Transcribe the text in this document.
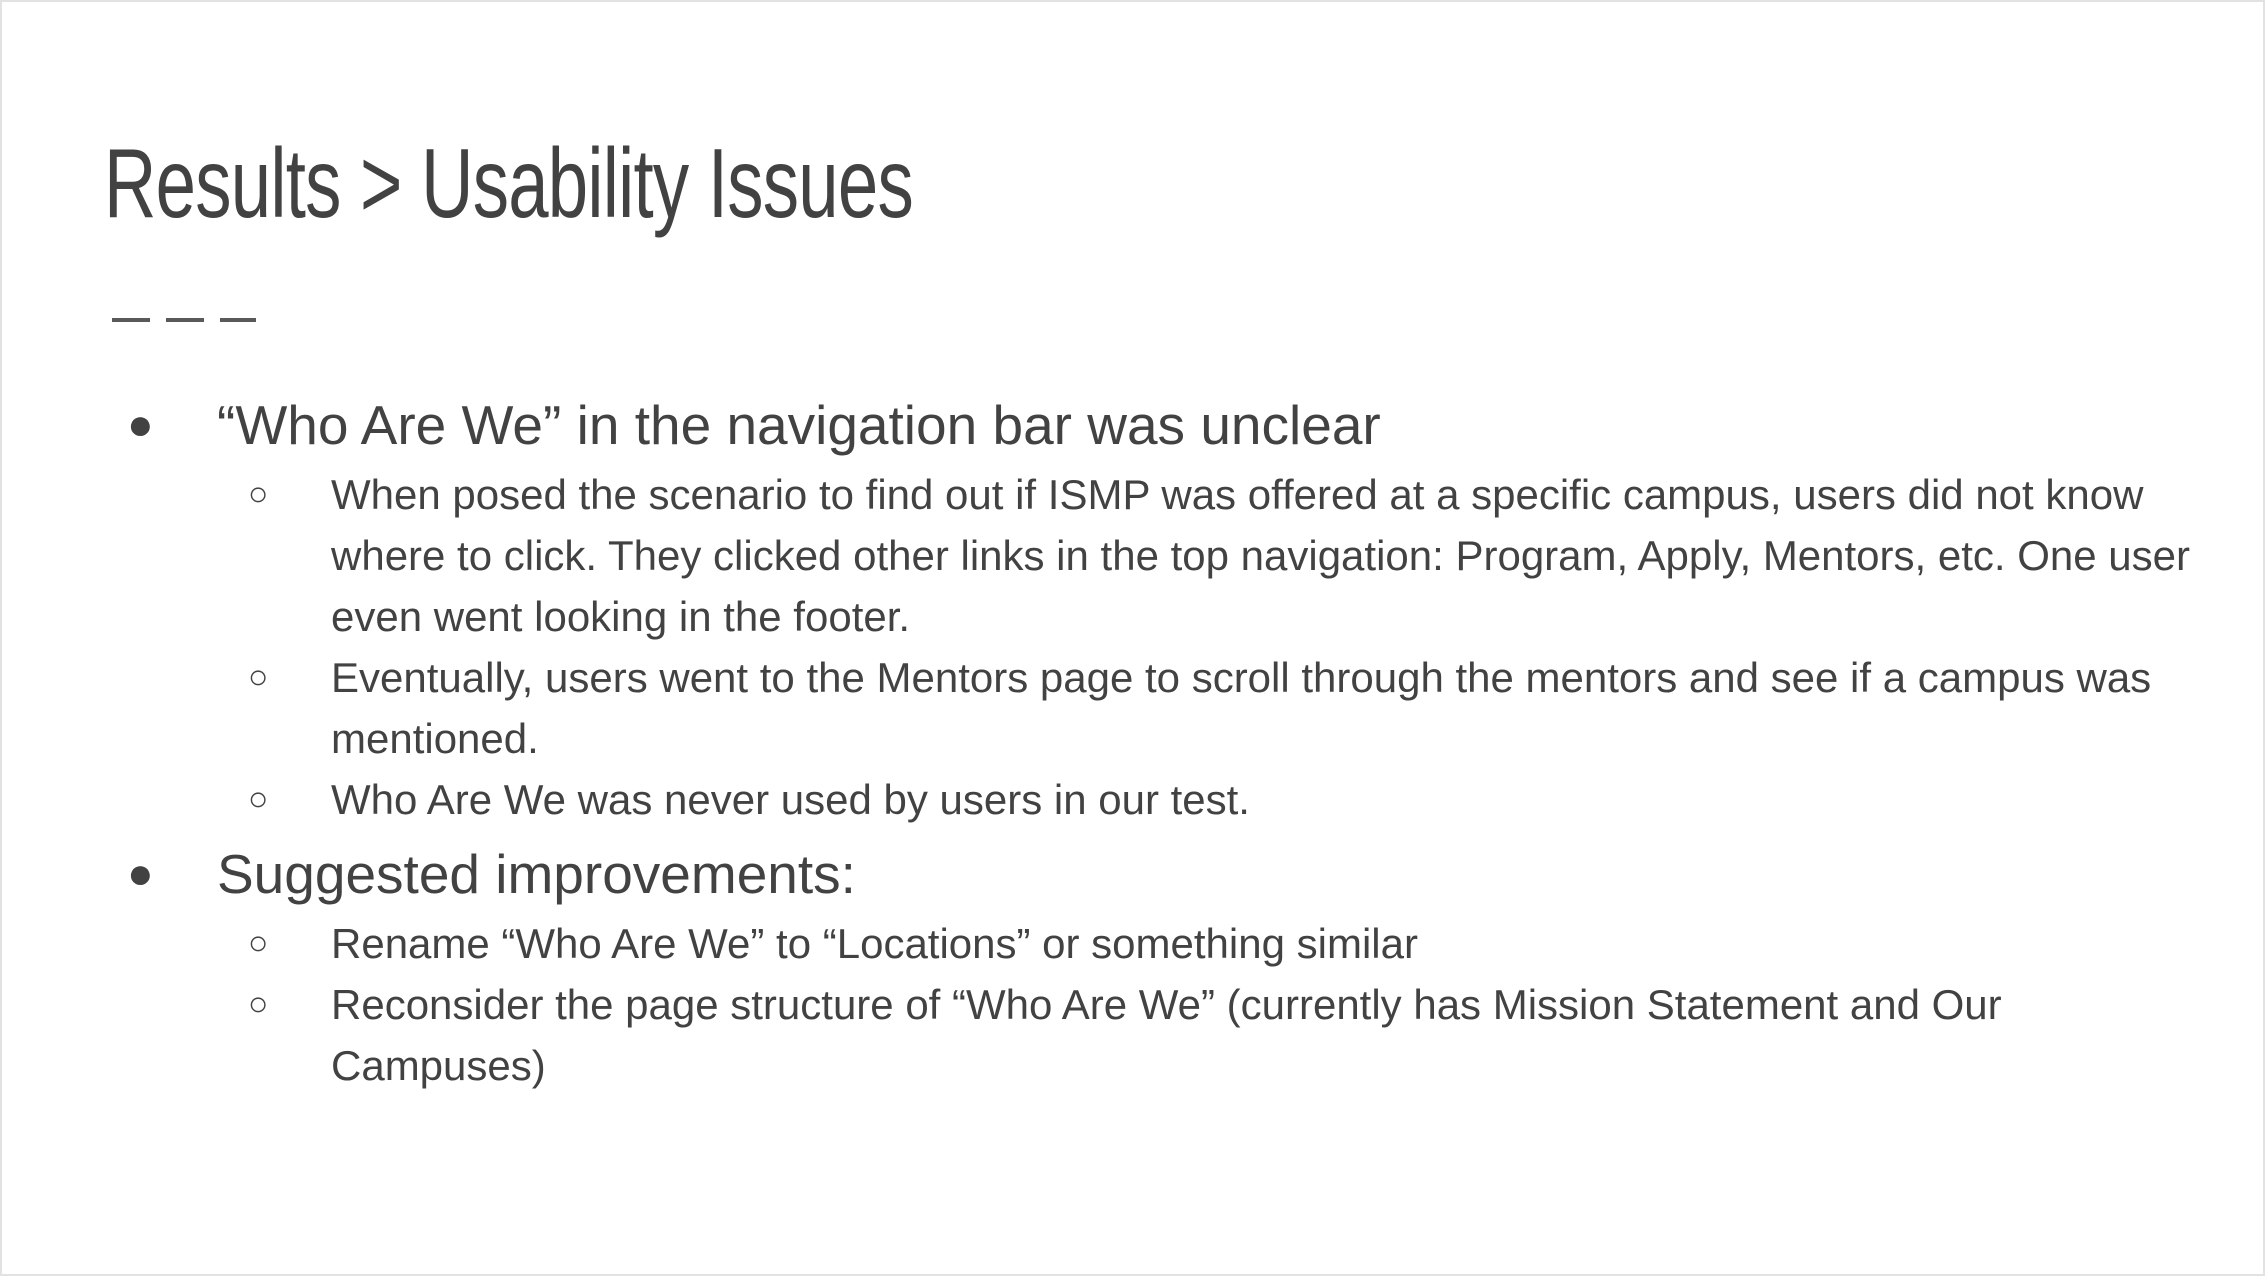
Results > Usability Issues
● “Who Are We” in the navigation bar was unclear
○ When posed the scenario to find out if ISMP was offered at a specific campus, users did not know where to click. They clicked other links in the top navigation: Program, Apply, Mentors, etc. One user even went looking in the footer.
○ Eventually, users went to the Mentors page to scroll through the mentors and see if a campus was mentioned.
○ Who Are We was never used by users in our test.
● Suggested improvements:
○ Rename “Who Are We” to “Locations” or something similar
○ Reconsider the page structure of “Who Are We” (currently has Mission Statement and Our Campuses)
